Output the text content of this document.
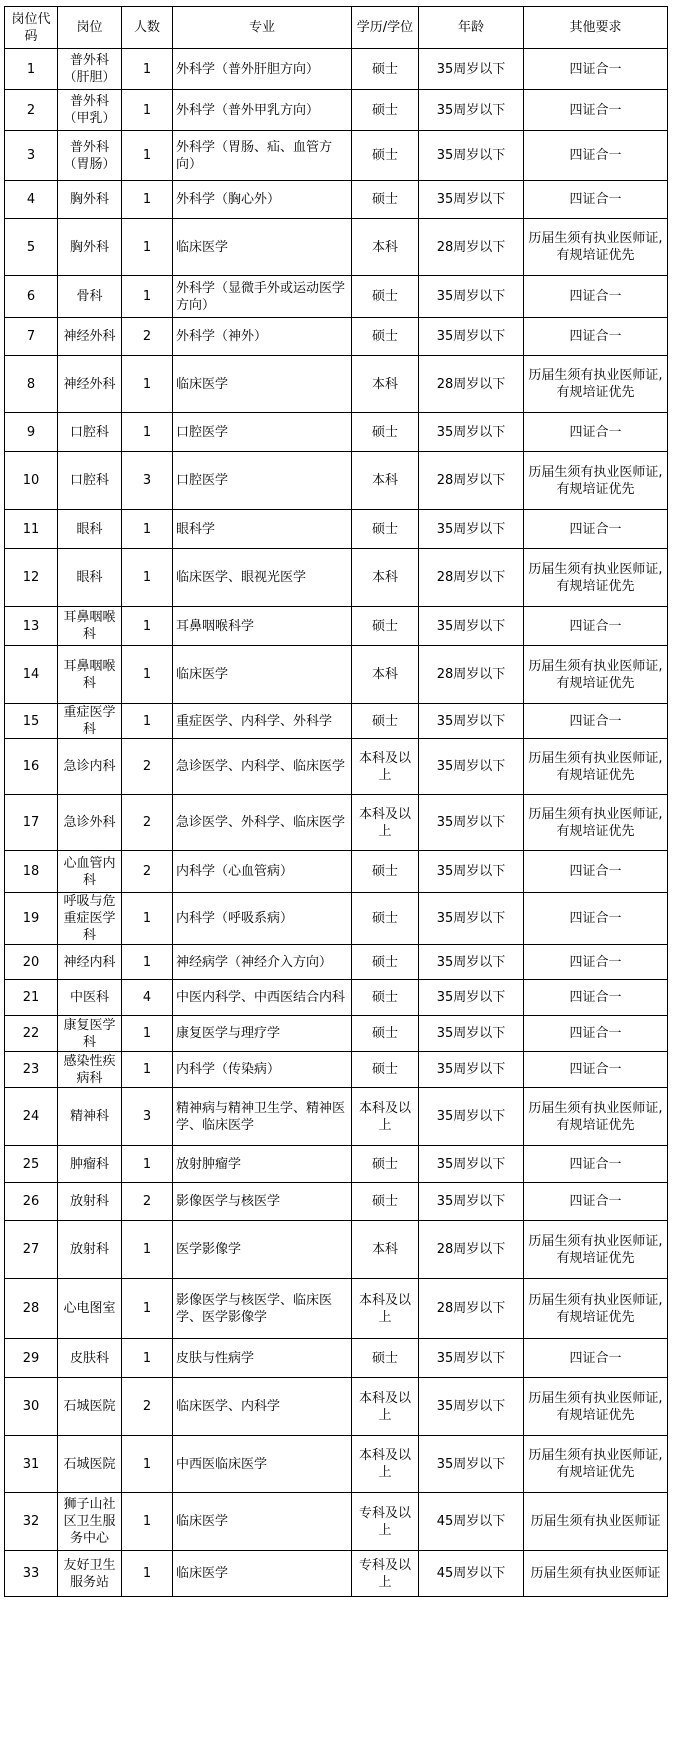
岗位代码	岗位	人数	专业	学历/学位	年龄	其他要求
1	普外科（肝胆）	1	外科学（普外肝胆方向）	硕士	35周岁以下	四证合一
2	普外科（甲乳）	1	外科学（普外甲乳方向）	硕士	35周岁以下	四证合一
3	普外科（胃肠）	1	外科学（胃肠、疝、血管方向）	硕士	35周岁以下	四证合一
4	胸外科	1	外科学（胸心外）	硕士	35周岁以下	四证合一
5	胸外科	1	临床医学	本科	28周岁以下	历届生须有执业医师证,有规培证优先
6	骨科	1	外科学（显微手外或运动医学方向）	硕士	35周岁以下	四证合一
7	神经外科	2	外科学（神外）	硕士	35周岁以下	四证合一
8	神经外科	1	临床医学	本科	28周岁以下	历届生须有执业医师证,有规培证优先
9	口腔科	1	口腔医学	硕士	35周岁以下	四证合一
10	口腔科	3	口腔医学	本科	28周岁以下	历届生须有执业医师证,有规培证优先
11	眼科	1	眼科学	硕士	35周岁以下	四证合一
12	眼科	1	临床医学、眼视光医学	本科	28周岁以下	历届生须有执业医师证,有规培证优先
13	耳鼻咽喉科	1	耳鼻咽喉科学	硕士	35周岁以下	四证合一
14	耳鼻咽喉科	1	临床医学	本科	28周岁以下	历届生须有执业医师证,有规培证优先
15	重症医学科	1	重症医学、内科学、外科学	硕士	35周岁以下	四证合一
16	急诊内科	2	急诊医学、内科学、临床医学	本科及以上	35周岁以下	历届生须有执业医师证,有规培证优先
17	急诊外科	2	急诊医学、外科学、临床医学	本科及以上	35周岁以下	历届生须有执业医师证,有规培证优先
18	心血管内科	2	内科学（心血管病）	硕士	35周岁以下	四证合一
19	呼吸与危重症医学科	1	内科学（呼吸系病）	硕士	35周岁以下	四证合一
20	神经内科	1	神经病学（神经介入方向）	硕士	35周岁以下	四证合一
21	中医科	4	中医内科学、中西医结合内科	硕士	35周岁以下	四证合一
22	康复医学科	1	康复医学与理疗学	硕士	35周岁以下	四证合一
23	感染性疾病科	1	内科学（传染病）	硕士	35周岁以下	四证合一
24	精神科	3	精神病与精神卫生学、精神医学、临床医学	本科及以上	35周岁以下	历届生须有执业医师证,有规培证优先
25	肿瘤科	1	放射肿瘤学	硕士	35周岁以下	四证合一
26	放射科	2	影像医学与核医学	硕士	35周岁以下	四证合一
27	放射科	1	医学影像学	本科	28周岁以下	历届生须有执业医师证,有规培证优先
28	心电图室	1	影像医学与核医学、临床医学、医学影像学	本科及以上	28周岁以下	历届生须有执业医师证,有规培证优先
29	皮肤科	1	皮肤与性病学	硕士	35周岁以下	四证合一
30	石城医院	2	临床医学、内科学	本科及以上	35周岁以下	历届生须有执业医师证,有规培证优先
31	石城医院	1	中西医临床医学	本科及以上	35周岁以下	历届生须有执业医师证,有规培证优先
32	狮子山社区卫生服务中心	1	临床医学	专科及以上	45周岁以下	历届生须有执业医师证
33	友好卫生服务站	1	临床医学	专科及以上	45周岁以下	历届生须有执业医师证
